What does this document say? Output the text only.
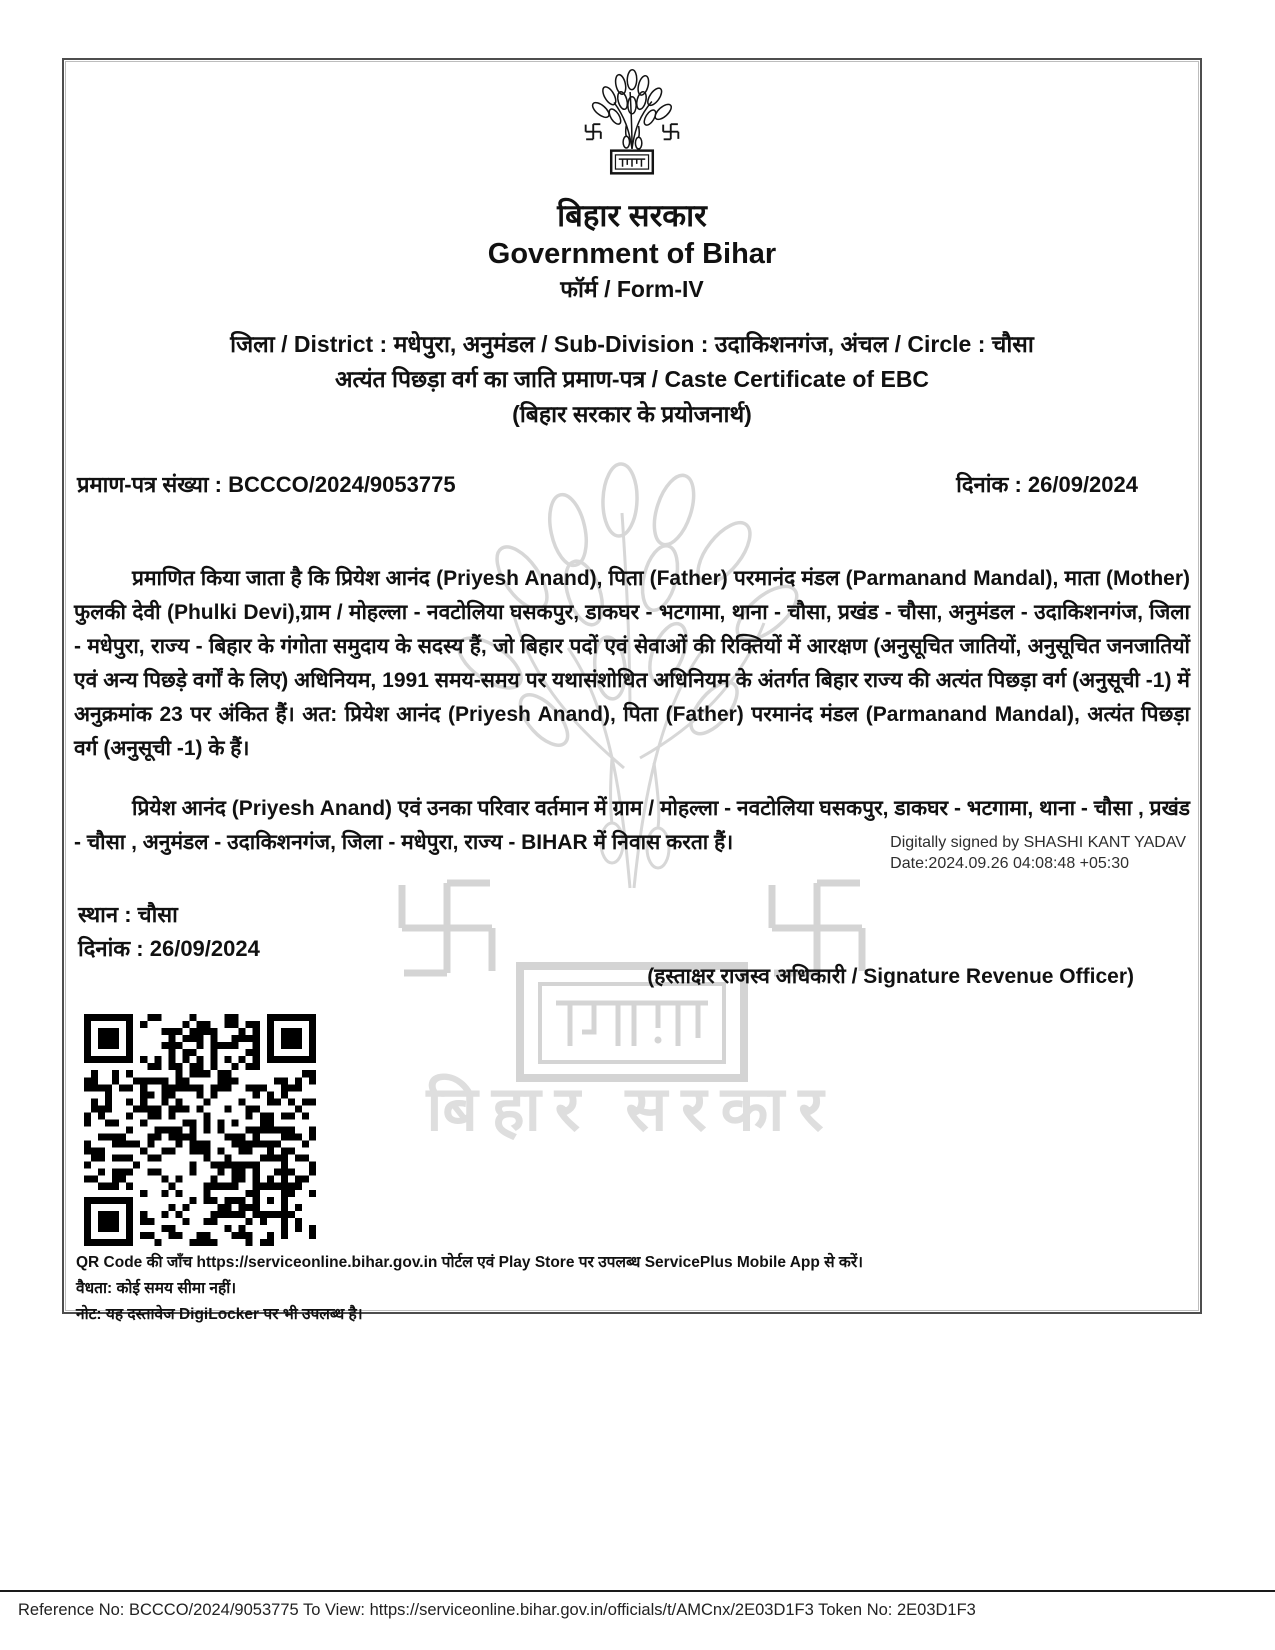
बिहार सरकार
बिहार सरकार
Government of Bihar
फॉर्म / Form-IV
जिला / District : मधेपुरा, अनुमंडल / Sub-Division : उदाकिशनगंज, अंचल / Circle : चौसा
अत्यंत पिछड़ा वर्ग का जाति प्रमाण-पत्र / Caste Certificate of EBC
(बिहार सरकार के प्रयोजनार्थ)
प्रमाण-पत्र संख्या : BCCCO/2024/9053775	दिनांक : 26/09/2024
प्रमाणित किया जाता है कि प्रियेश आनंद (Priyesh Anand), पिता (Father) परमानंद मंडल (Parmanand Mandal), माता (Mother) फुलकी देवी (Phulki Devi),ग्राम / मोहल्ला - नवटोलिया घसकपुर, डाकघर - भटगामा, थाना - चौसा, प्रखंड - चौसा, अनुमंडल - उदाकिशनगंज, जिला - मधेपुरा, राज्य - बिहार के गंगोता समुदाय के सदस्य हैं, जो बिहार पदों एवं सेवाओं की रिक्तियों में आरक्षण (अनुसूचित जातियों, अनुसूचित जनजातियों एवं अन्य पिछड़े वर्गों के लिए) अधिनियम, 1991 समय-समय पर यथासंशोधित अधिनियम के अंतर्गत बिहार राज्य की अत्यंत पिछड़ा वर्ग (अनुसूची -1) में अनुक्रमांक 23 पर अंकित हैं। अत: प्रियेश आनंद (Priyesh Anand), पिता (Father) परमानंद मंडल (Parmanand Mandal), अत्यंत पिछड़ा वर्ग (अनुसूची -1) के हैं।
प्रियेश आनंद (Priyesh Anand) एवं उनका परिवार वर्तमान में ग्राम / मोहल्ला - नवटोलिया घसकपुर, डाकघर - भटगामा, थाना - चौसा , प्रखंड - चौसा , अनुमंडल - उदाकिशनगंज, जिला - मधेपुरा, राज्य - BIHAR में निवास करता हैं।	Digitally signed by SHASHI KANT YADAV
Date:2024.09.26 04:08:48 +05:30
स्थान : चौसा
दिनांक : 26/09/2024
(हस्ताक्षर राजस्व अधिकारी / Signature Revenue Officer)
QR Code की जाँच https://serviceonline.bihar.gov.in पोर्टल एवं Play Store पर उपलब्ध ServicePlus Mobile App से करें।
वैधता: कोई समय सीमा नहीं।
नोट: यह दस्तावेज DigiLocker पर भी उपलब्ध है।
Reference No: BCCCO/2024/9053775 To View: https://serviceonline.bihar.gov.in/officials/t/AMCnx/2E03D1F3 Token No: 2E03D1F3
